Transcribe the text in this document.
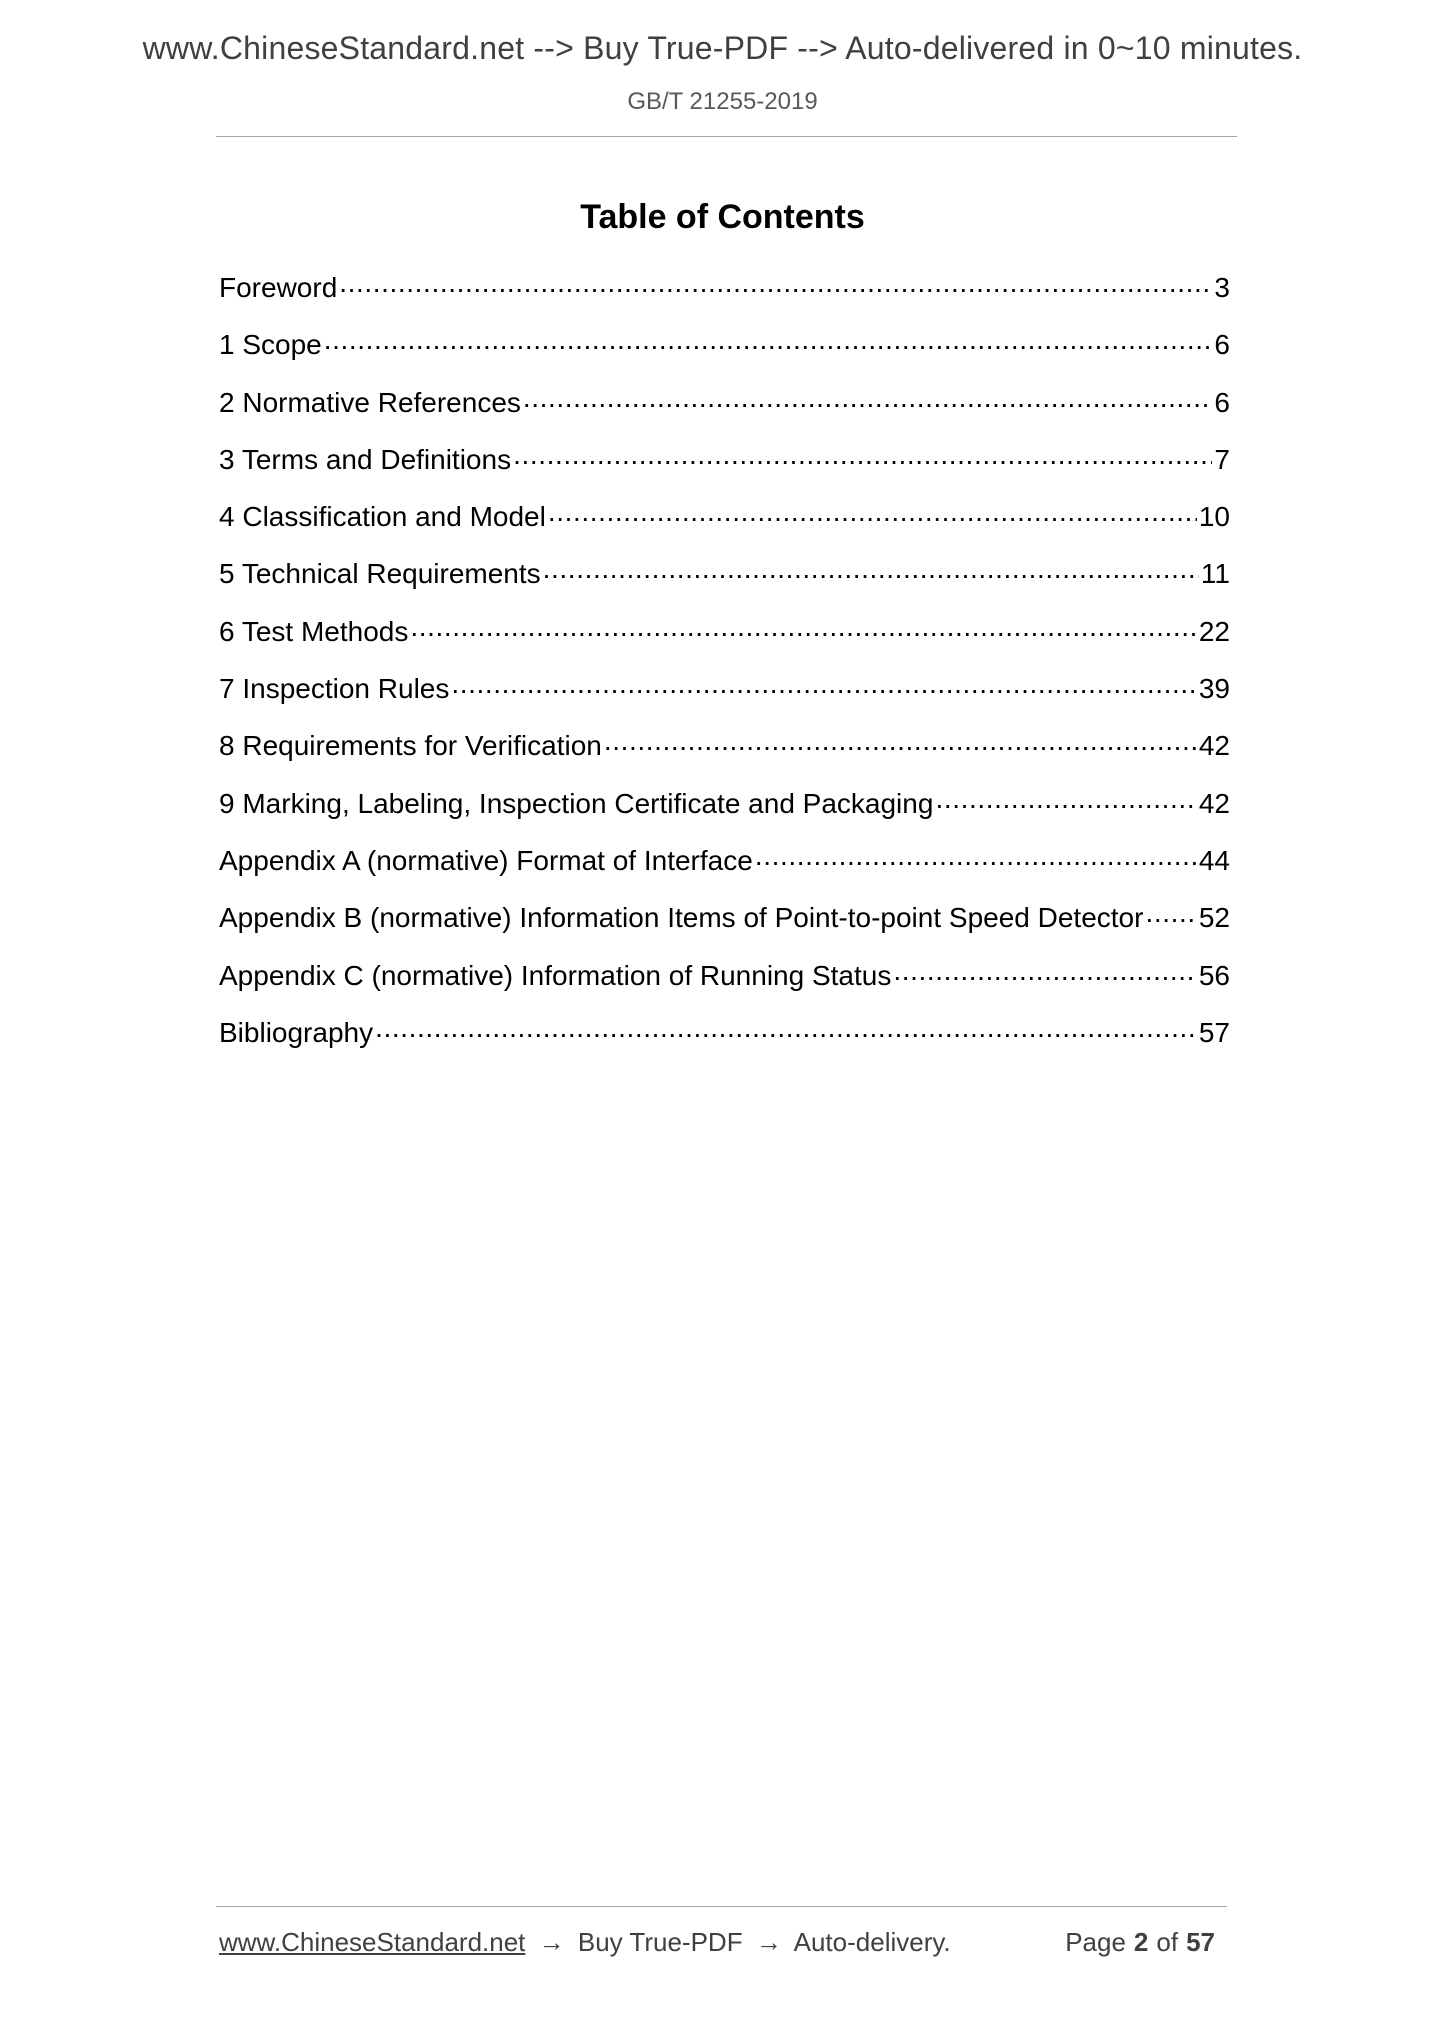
www.ChineseStandard.net --> Buy True-PDF --> Auto-delivered in 0~10 minutes.
GB/T 21255-2019
Table of Contents
Foreword .....	3
1 Scope .....	6
2 Normative References .....	6
3 Terms and Definitions .....	7
4 Classification and Model .....	10
5 Technical Requirements .....	11
6 Test Methods .....	22
7 Inspection Rules .....	39
8 Requirements for Verification .....	42
9 Marking, Labeling, Inspection Certificate and Packaging .....	42
Appendix A (normative) Format of Interface .....	44
Appendix B (normative) Information Items of Point-to-point Speed Detector ..... 52
Appendix C (normative) Information of Running Status .....	56
Bibliography .....	57
www.ChineseStandard.net → Buy True-PDF → Auto-delivery.	Page 2 of 57
